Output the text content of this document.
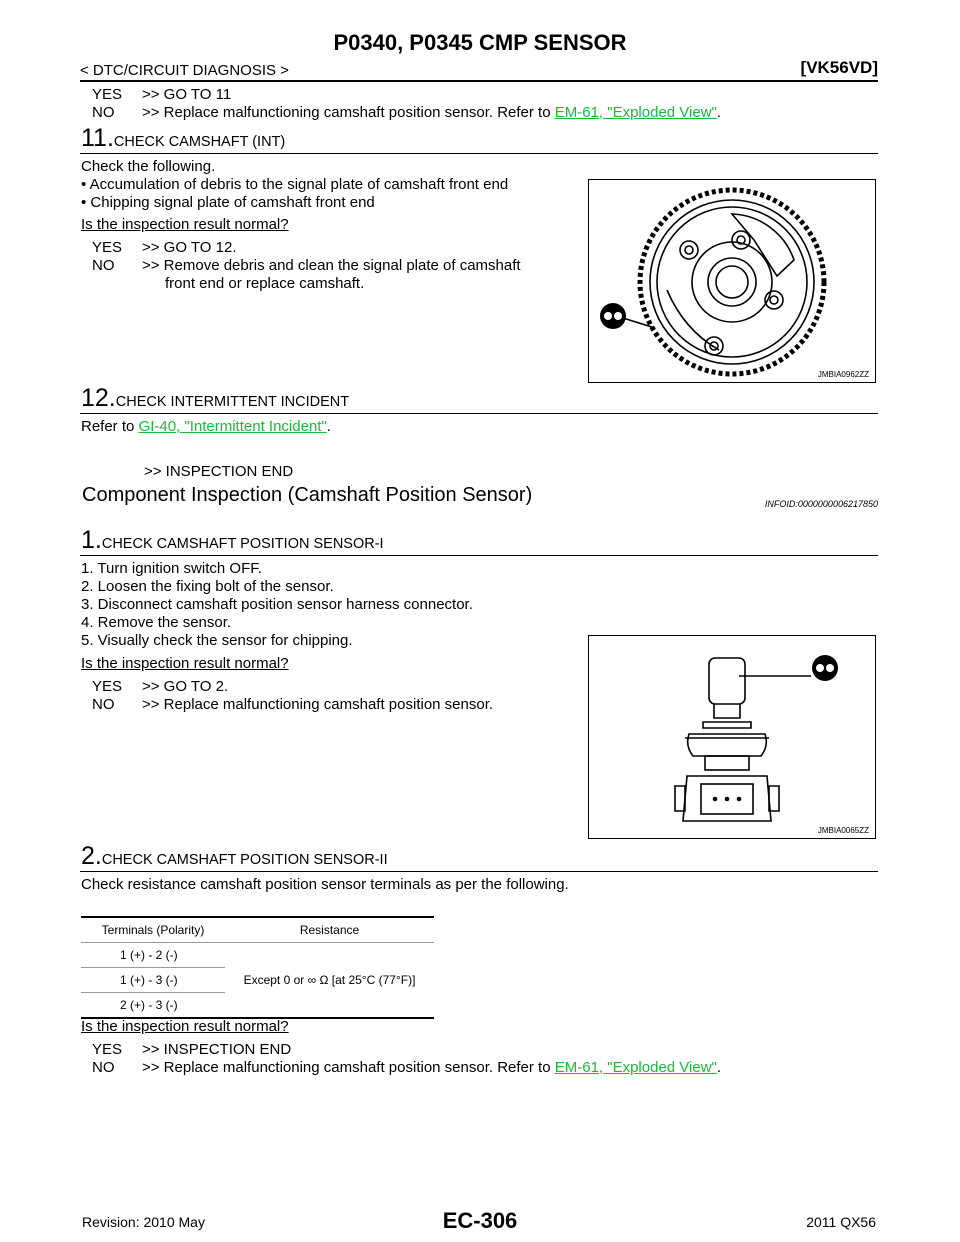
P0340, P0345 CMP SENSOR
< DTC/CIRCUIT DIAGNOSIS >	[VK56VD]
YES >> GO TO 11
NO >> Replace malfunctioning camshaft position sensor. Refer to EM-61, "Exploded View".
11.CHECK CAMSHAFT (INT)
Check the following.
• Accumulation of debris to the signal plate of camshaft front end
• Chipping signal plate of camshaft front end
Is the inspection result normal?
YES >> GO TO 12.
NO >> Remove debris and clean the signal plate of camshaft
front end or replace camshaft.
JMBIA0962ZZ
12.CHECK INTERMITTENT INCIDENT
Refer to GI-40, "Intermittent Incident".
>> INSPECTION END
Component Inspection (Camshaft Position Sensor)	INFOID:0000000006217850
1.CHECK CAMSHAFT POSITION SENSOR-I
1. Turn ignition switch OFF.
2. Loosen the fixing bolt of the sensor.
3. Disconnect camshaft position sensor harness connector.
4. Remove the sensor.
5. Visually check the sensor for chipping.
Is the inspection result normal?
YES >> GO TO 2.
NO >> Replace malfunctioning camshaft position sensor.
JMBIA0065ZZ
2.CHECK CAMSHAFT POSITION SENSOR-II
Check resistance camshaft position sensor terminals as per the following.
Terminals (Polarity)	Resistance
1 (+) - 2 (-)	Except 0 or ∞ Ω [at 25°C (77°F)]
1 (+) - 3 (-)	
2 (+) - 3 (-)	
Is the inspection result normal?
YES >> INSPECTION END
NO >> Replace malfunctioning camshaft position sensor. Refer to EM-61, "Exploded View".
Revision: 2010 May	EC-306	2011 QX56
